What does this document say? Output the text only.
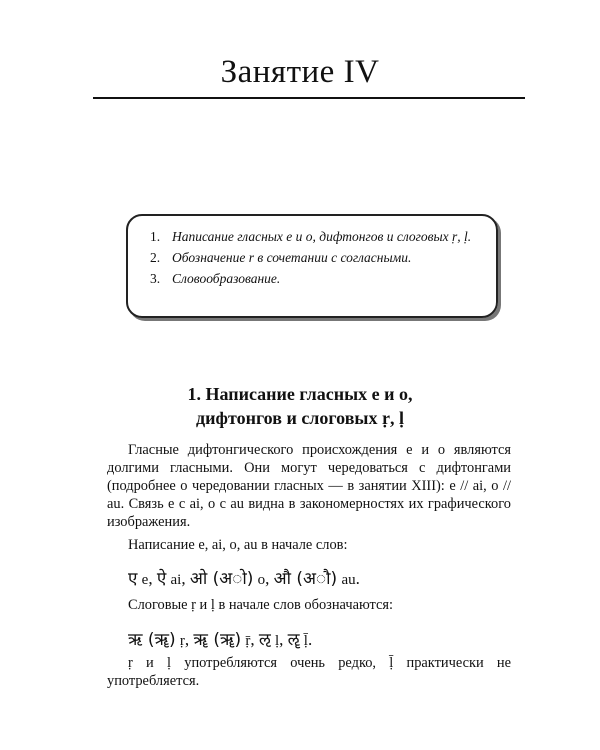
Занятие IV
1. Написание гласных е и о, дифтонгов и слоговых ṛ, ḷ.
2. Обозначение r в сочетании с согласными.
3. Словообразование.
1. Написание гласных е и о,
дифтонгов и слоговых ṛ, ḷ
Гласные дифтонгического происхождения e и o являются долгими гласными. Они могут чередоваться с дифтонгами (подробнее о чередовании гласных — в занятии XIII): e // ai, o // au. Связь e c ai, o c au видна в закономерностях их графического изображения.
Написание e, ai, o, au в начале слов:
ए e, ऐ ai, ओ (अो) o, औ (अौ) au.
Слоговые ṛ и ḷ в начале слов обозначаются:
ऋ (ॠ) ṛ, ॠ (ॠ) ṝ, ऌ ḷ, ॡ ḹ.
ṛ и ḷ употребляются очень редко, ḹ практически не употребляется.
